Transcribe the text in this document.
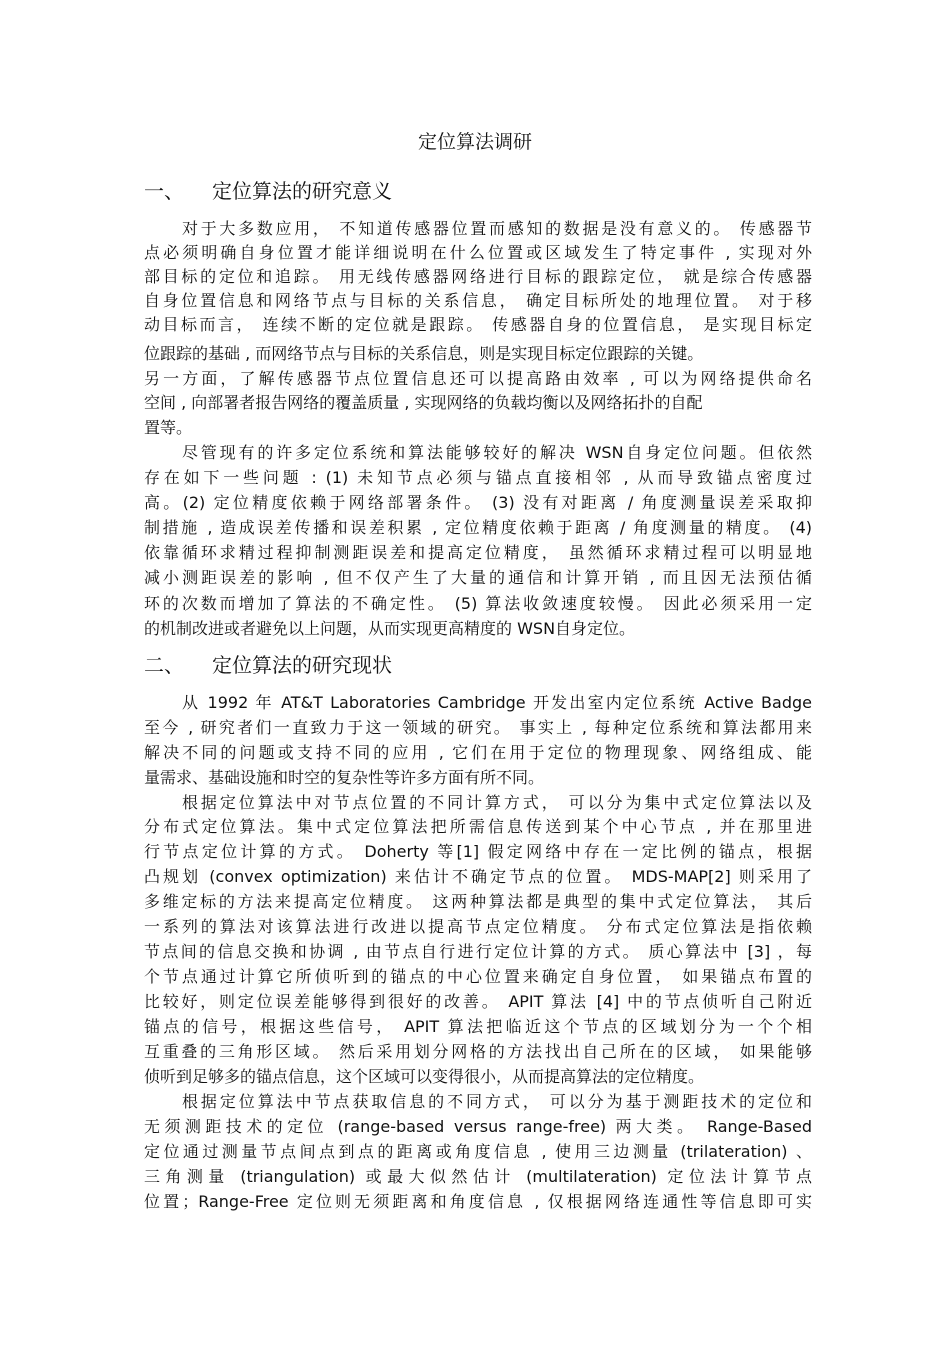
定位算法调研
一、 定位算法的研究意义
对于大多数应用， 不知道传感器位置而感知的数据是没有意义的。 传感器节
点必须明确自身位置才能详细说明在什么位置或区域发生了特定事件 , 实现对外
部目标的定位和追踪。 用无线传感器网络进行目标的跟踪定位， 就是综合传感器
自身位置信息和网络节点与目标的关系信息， 确定目标所处的地理位置。 对于移
动目标而言， 连续不断的定位就是跟踪。 传感器自身的位置信息， 是实现目标定
位跟踪的基础 , 而网络节点与目标的关系信息，则是实现目标定位跟踪的关键。
另一方面，了解传感器节点位置信息还可以提高路由效率 , 可以为网络提供命名
空间 , 向部署者报告网络的覆盖质量 , 实现网络的负载均衡以及网络拓扑的自配
置等。
尽管现有的许多定位系统和算法能够较好的解决 WSN自身定位问题。但依然
存在如下一些问题 : (1) 未知节点必须与锚点直接相邻 , 从而导致锚点密度过
高。(2) 定位精度依赖于网络部署条件。 (3) 没有对距离 / 角度测量误差采取抑
制措施 , 造成误差传播和误差积累 , 定位精度依赖于距离 / 角度测量的精度。 (4)
依靠循环求精过程抑制测距误差和提高定位精度， 虽然循环求精过程可以明显地
减小测距误差的影响 , 但不仅产生了大量的通信和计算开销 , 而且因无法预估循
环的次数而增加了算法的不确定性。 (5) 算法收敛速度较慢。 因此必须采用一定
的机制改进或者避免以上问题，从而实现更高精度的 WSN自身定位。
二、 定位算法的研究现状
从 1992 年 AT&T Laboratories Cambridge 开发出室内定位系统 Active Badge
至今 , 研究者们一直致力于这一领域的研究。 事实上 , 每种定位系统和算法都用来
解决不同的问题或支持不同的应用 , 它们在用于定位的物理现象、网络组成、能
量需求、基础设施和时空的复杂性等许多方面有所不同。
根据定位算法中对节点位置的不同计算方式， 可以分为集中式定位算法以及
分布式定位算法。集中式定位算法把所需信息传送到某个中心节点 , 并在那里进
行节点定位计算的方式。 Doherty 等[1] 假定网络中存在一定比例的锚点，根据
凸规划 (convex optimization) 来估计不确定节点的位置。 MDS-MAP[2] 则采用了
多维定标的方法来提高定位精度。 这两种算法都是典型的集中式定位算法， 其后
一系列的算法对该算法进行改进以提高节点定位精度。 分布式定位算法是指依赖
节点间的信息交换和协调 , 由节点自行进行定位计算的方式。 质心算法中 [3] ，每
个节点通过计算它所侦听到的锚点的中心位置来确定自身位置， 如果锚点布置的
比较好，则定位误差能够得到很好的改善。 APIT 算法 [4] 中的节点侦听自己附近
锚点的信号，根据这些信号， APIT 算法把临近这个节点的区域划分为一个个相
互重叠的三角形区域。 然后采用划分网格的方法找出自己所在的区域， 如果能够
侦听到足够多的锚点信息，这个区域可以变得很小，从而提高算法的定位精度。
根据定位算法中节点获取信息的不同方式， 可以分为基于测距技术的定位和
无须测距技术的定位 (range-based versus range-free) 两大类。 Range-Based
定位通过测量节点间点到点的距离或角度信息 , 使用三边测量 (trilateration) 、
三角测量 (triangulation) 或最大似然估计 (multilateration) 定位法计算节点
位置；Range-Free 定位则无须距离和角度信息 , 仅根据网络连通性等信息即可实
